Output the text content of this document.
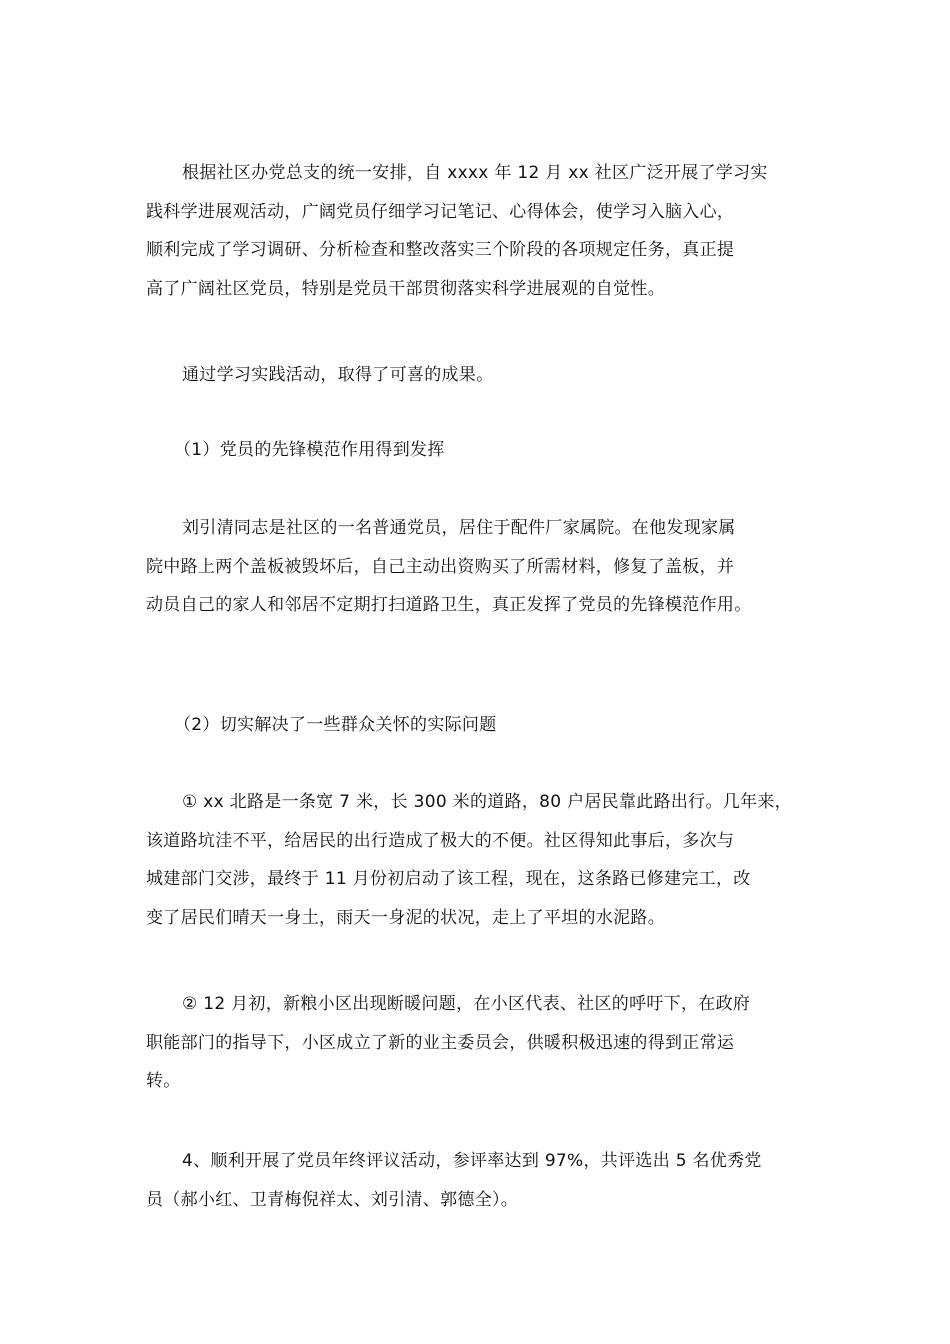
根据社区办党总支的统一安排，自 xxxx 年 12 月 xx 社区广泛开展了学习实
践科学进展观活动，广阔党员仔细学习记笔记、心得体会，使学习入脑入心，
顺利完成了学习调研、分析检查和整改落实三个阶段的各项规定任务，真正提
高了广阔社区党员，特别是党员干部贯彻落实科学进展观的自觉性。

通过学习实践活动，取得了可喜的成果。

（1）党员的先锋模范作用得到发挥

刘引清同志是社区的一名普通党员，居住于配件厂家属院。在他发现家属
院中路上两个盖板被毁坏后，自己主动出资购买了所需材料，修复了盖板，并
动员自己的家人和邻居不定期打扫道路卫生，真正发挥了党员的先锋模范作用。

（2）切实解决了一些群众关怀的实际问题

① xx 北路是一条宽 7 米，长 300 米的道路，80 户居民靠此路出行。几年来，
该道路坑洼不平，给居民的出行造成了极大的不便。社区得知此事后，多次与
城建部门交涉，最终于 11 月份初启动了该工程，现在，这条路已修建完工，改
变了居民们晴天一身土，雨天一身泥的状况，走上了平坦的水泥路。

② 12 月初，新粮小区出现断暖问题，在小区代表、社区的呼吁下，在政府
职能部门的指导下，小区成立了新的业主委员会，供暖积极迅速的得到正常运
转。

4、顺利开展了党员年终评议活动，参评率达到 97%，共评选出 5 名优秀党
员（郝小红、卫青梅倪祥太、刘引清、郭德全）。
